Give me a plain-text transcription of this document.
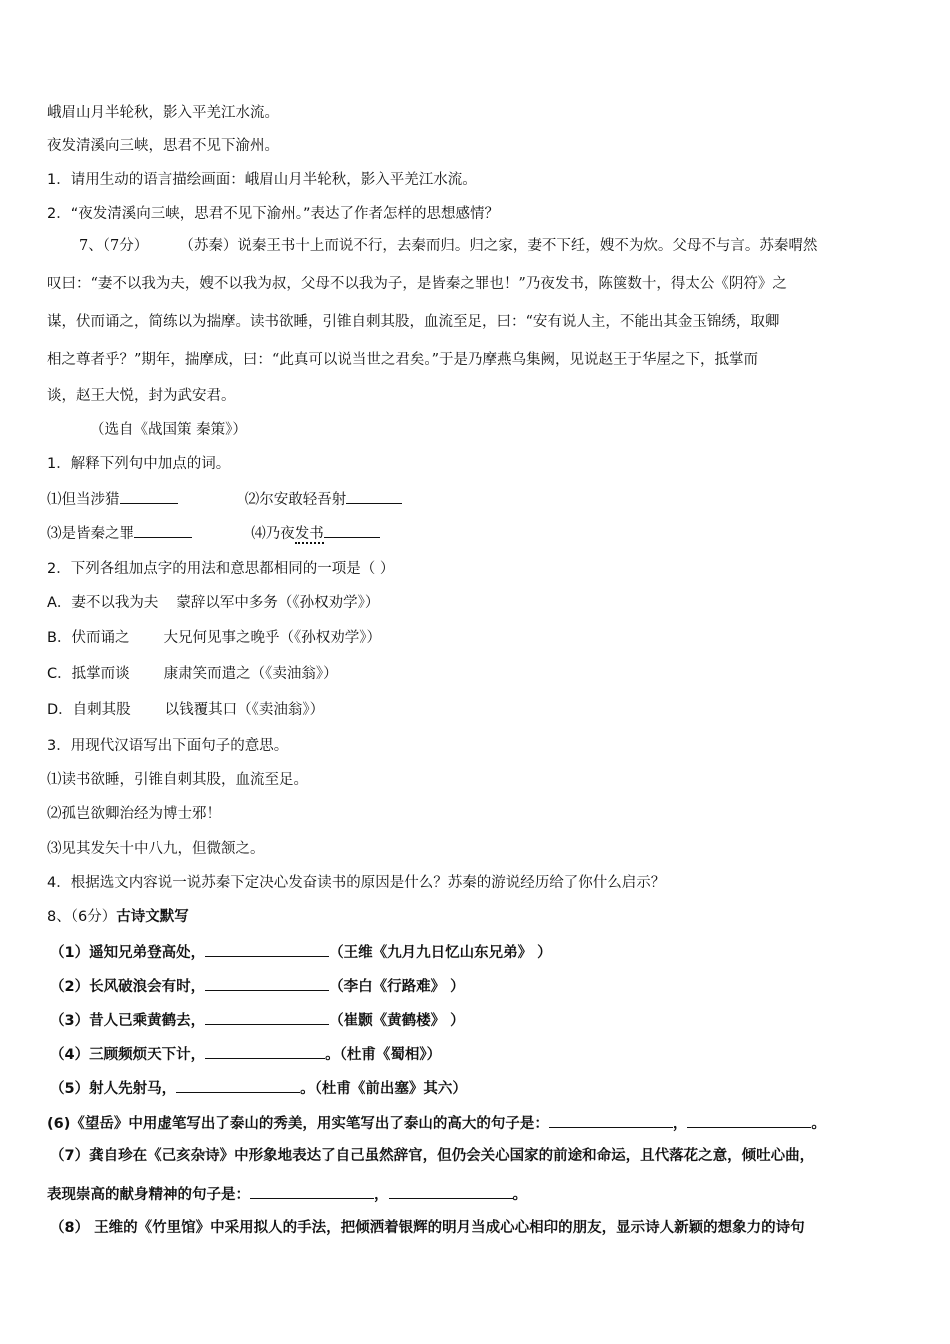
峨眉山月半轮秋，影入平羌江水流。
夜发清溪向三峡，思君不见下渝州。
1．请用生动的语言描绘画面：峨眉山月半轮秋，影入平羌江水流。
2．“夜发清溪向三峡，思君不见下渝州。”表达了作者怎样的思想感情？
7、（7分） （苏秦）说秦王书十上而说不行，去秦而归。归之家，妻不下纴，嫂不为炊。父母不与言。苏秦喟然
叹曰：“妻不以我为夫，嫂不以我为叔，父母不以我为子，是皆秦之罪也！”乃夜发书，陈箧数十，得太公《阴符》之
谋，伏而诵之，简练以为揣摩。读书欲睡，引锥自刺其股，血流至足，曰：“安有说人主，不能出其金玉锦绣，取卿
相之尊者乎？”期年，揣摩成，曰：“此真可以说当世之君矣。”于是乃摩燕乌集阙，见说赵王于华屋之下，抵掌而
谈，赵王大悦，封为武安君。
（选自《战国策 秦策》）
1．解释下列句中加点的词。
⑴但当涉猎	⑵尔安敢轻吾射
⑶是皆秦之罪	⑷乃夜发书
2．下列各组加点字的用法和意思都相同的一项是（ ）
A．妻不以我为夫 蒙辞以军中多务（《孙权劝学》）
B．伏而诵之 大兄何见事之晚乎（《孙权劝学》）
C．抵掌而谈 康肃笑而遣之（《卖油翁》）
D．自刺其股 以钱覆其口（《卖油翁》）
3．用现代汉语写出下面句子的意思。
⑴读书欲睡，引锥自刺其股，血流至足。
⑵孤岂欲卿治经为博士邪！
⑶见其发矢十中八九，但微颔之。
4．根据选文内容说一说苏秦下定决心发奋读书的原因是什么？苏秦的游说经历给了你什么启示？
8、（6分）古诗文默写
（1）遥知兄弟登高处，	（王维《九月九日忆山东兄弟》 ）
（2）长风破浪会有时，	（李白《行路难》 ）
（3）昔人已乘黄鹤去，	（崔颢《黄鹤楼》 ）
（4）三顾频烦天下计，	。（杜甫《蜀相》）
（5）射人先射马，	。（杜甫《前出塞》其六）
(6)《望岳》中用虚笔写出了泰山的秀美，用实笔写出了泰山的高大的句子是：	，	。
（7）龚自珍在《己亥杂诗》中形象地表达了自己虽然辞官，但仍会关心国家的前途和命运，且代落花之意，倾吐心曲，
表现崇高的献身精神的句子是：	，	。
（8） 王维的《竹里馆》中采用拟人的手法，把倾洒着银辉的明月当成心心相印的朋友，显示诗人新颖的想象力的诗句
